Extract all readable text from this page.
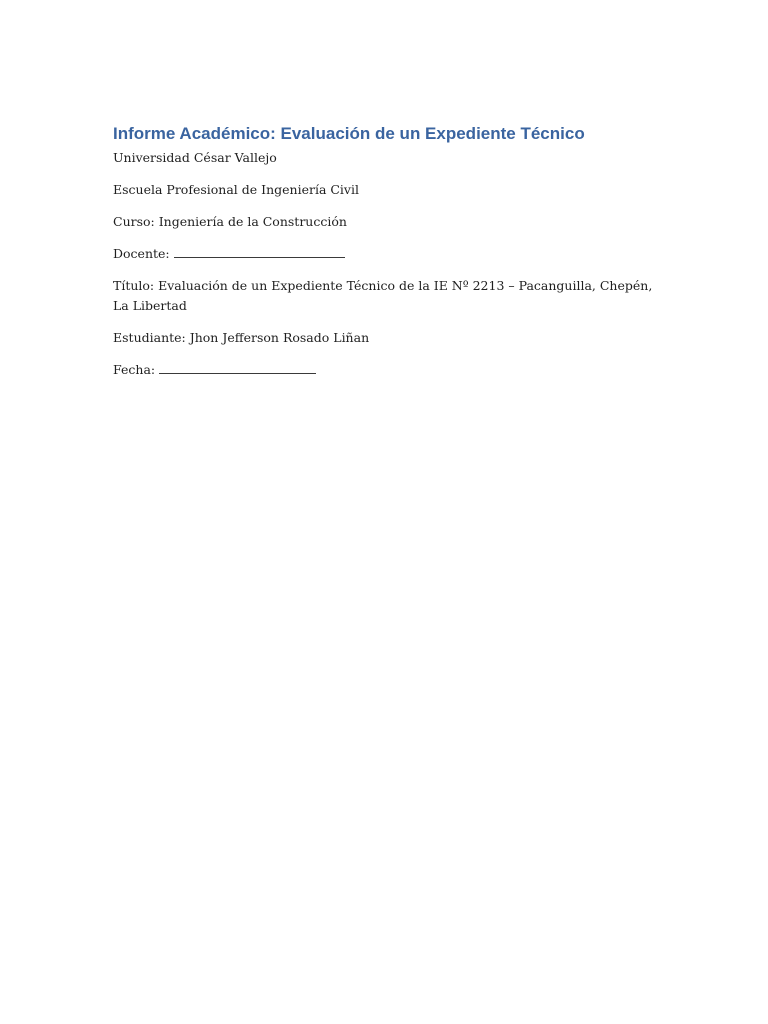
Informe Académico: Evaluación de un Expediente Técnico

Universidad César Vallejo

Escuela Profesional de Ingeniería Civil

Curso: Ingeniería de la Construcción

Docente:

Título: Evaluación de un Expediente Técnico de la IE Nº 2213 – Pacanguilla, Chepén, La Libertad

Estudiante: Jhon Jefferson Rosado Liñan

Fecha:
